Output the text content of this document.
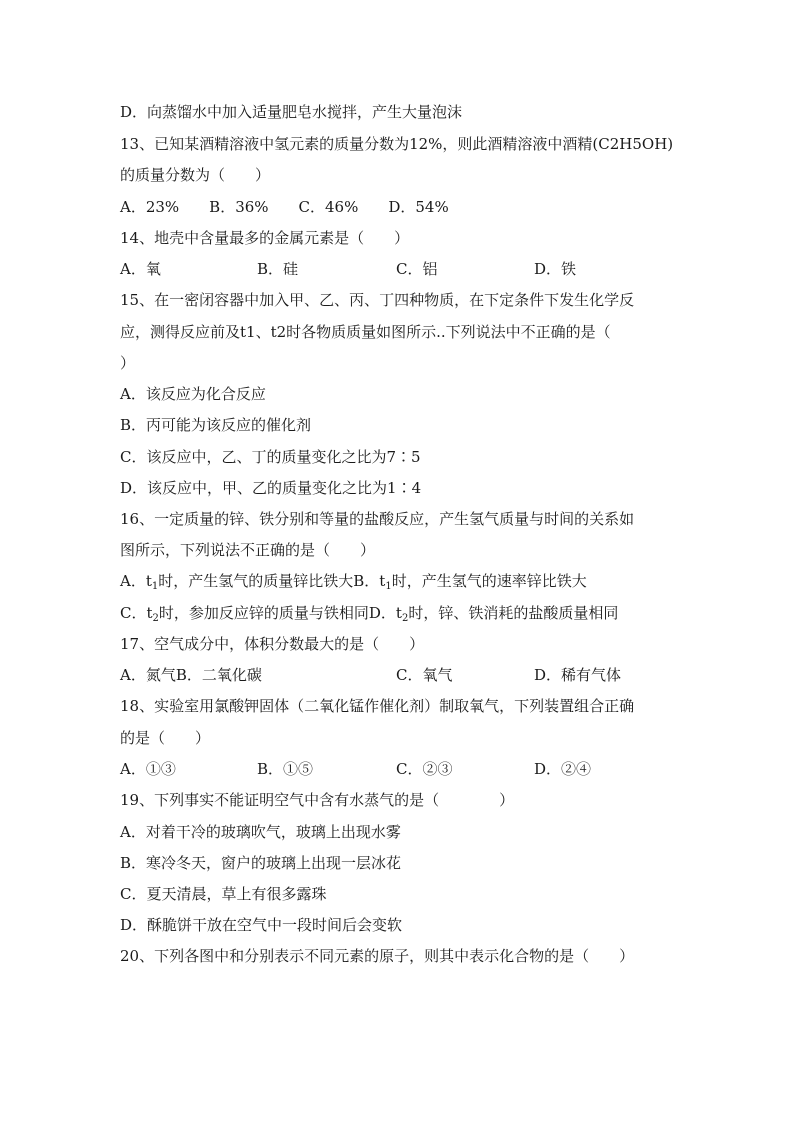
D．向蒸馏水中加入适量肥皂水搅拌，产生大量泡沫
13、已知某酒精溶液中氢元素的质量分数为12%，则此酒精溶液中酒精(C2H5OH)
的质量分数为（　　）
A．23%　　B．36%　　C．46%　　D．54%
14、地壳中含量最多的金属元素是（　　）
A．氧	B．硅	C．铝	D．铁
15、在一密闭容器中加入甲、乙、丙、丁四种物质，在下定条件下发生化学反
应，测得反应前及t1、t2时各物质质量如图所示..下列说法中不正确的是（
）
A．该反应为化合反应
B．丙可能为该反应的催化剂
C．该反应中，乙、丁的质量变化之比为7∶5
D．该反应中，甲、乙的质量变化之比为1∶4
16、一定质量的锌、铁分别和等量的盐酸反应，产生氢气质量与时间的关系如
图所示，下列说法不正确的是（　　）
A．$t_1$时，产生氢气的质量锌比铁大B．$t_1$时，产生氢气的速率锌比铁大
C．$t_2$时，参加反应锌的质量与铁相同D．$t_2$时，锌、铁消耗的盐酸质量相同
17、空气成分中，体积分数最大的是（　　）
A．氮气B．二氧化碳	C．氧气	D．稀有气体
18、实验室用氯酸钾固体（二氧化锰作催化剂）制取氧气，下列装置组合正确
的是（　　）
A．①③	B．①⑤	C．②③	D．②④
19、下列事实不能证明空气中含有水蒸气的是（　　　　）
A．对着干冷的玻璃吹气，玻璃上出现水雾
B．寒冷冬天，窗户的玻璃上出现一层冰花
C．夏天清晨，草上有很多露珠
D．酥脆饼干放在空气中一段时间后会变软
20、下列各图中和分别表示不同元素的原子，则其中表示化合物的是（　　）
